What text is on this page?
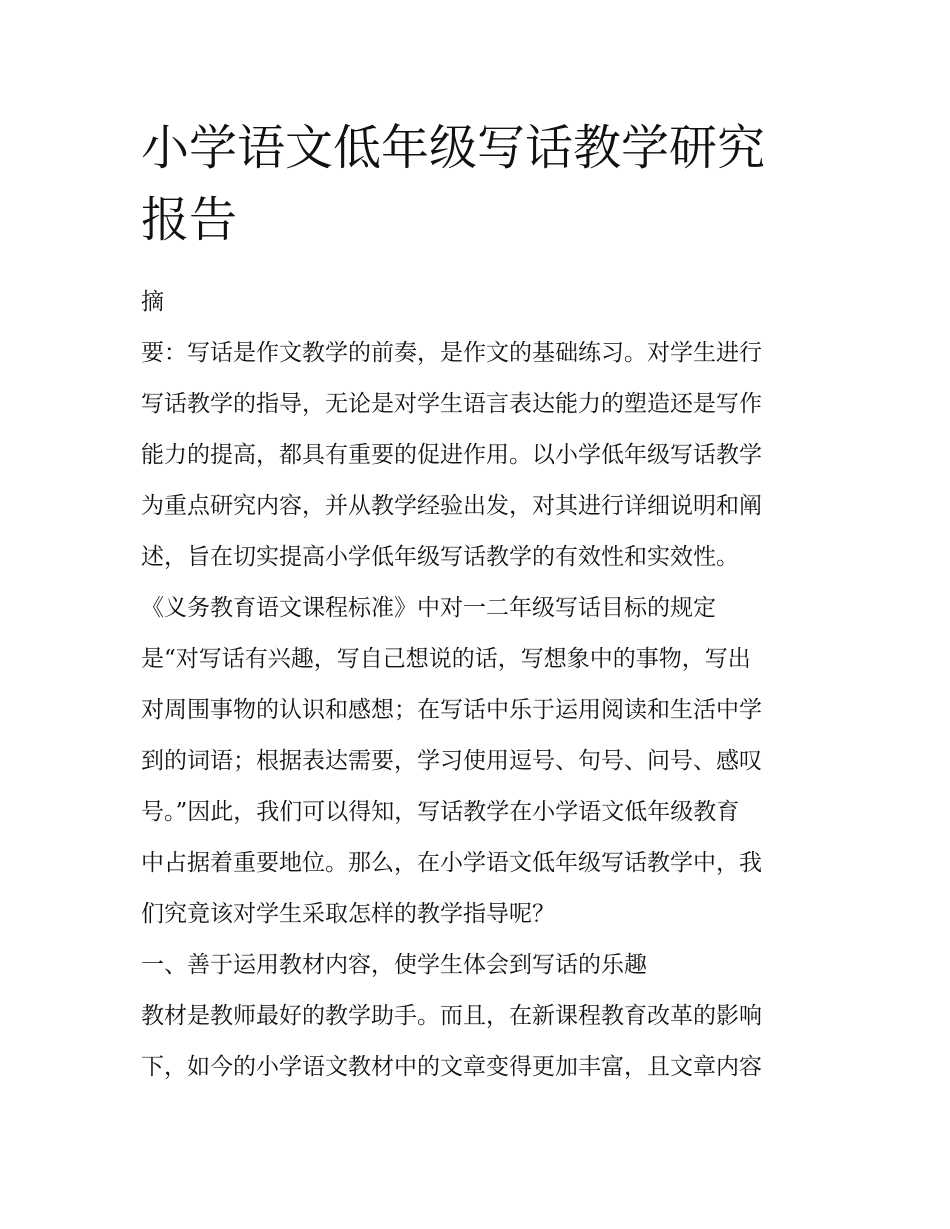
小学语文低年级写话教学研究
报告
摘
要：写话是作文教学的前奏，是作文的基础练习。对学生进行
写话教学的指导，无论是对学生语言表达能力的塑造还是写作
能力的提高，都具有重要的促进作用。以小学低年级写话教学
为重点研究内容，并从教学经验出发，对其进行详细说明和阐
述，旨在切实提高小学低年级写话教学的有效性和实效性。
《义务教育语文课程标准》中对一二年级写话目标的规定
是“对写话有兴趣，写自己想说的话，写想象中的事物，写出
对周围事物的认识和感想；在写话中乐于运用阅读和生活中学
到的词语；根据表达需要，学习使用逗号、句号、问号、感叹
号。”因此，我们可以得知，写话教学在小学语文低年级教育
中占据着重要地位。那么，在小学语文低年级写话教学中，我
们究竟该对学生采取怎样的教学指导呢？
一、善于运用教材内容，使学生体会到写话的乐趣
教材是教师最好的教学助手。而且，在新课程教育改革的影响
下，如今的小学语文教材中的文章变得更加丰富，且文章内容
